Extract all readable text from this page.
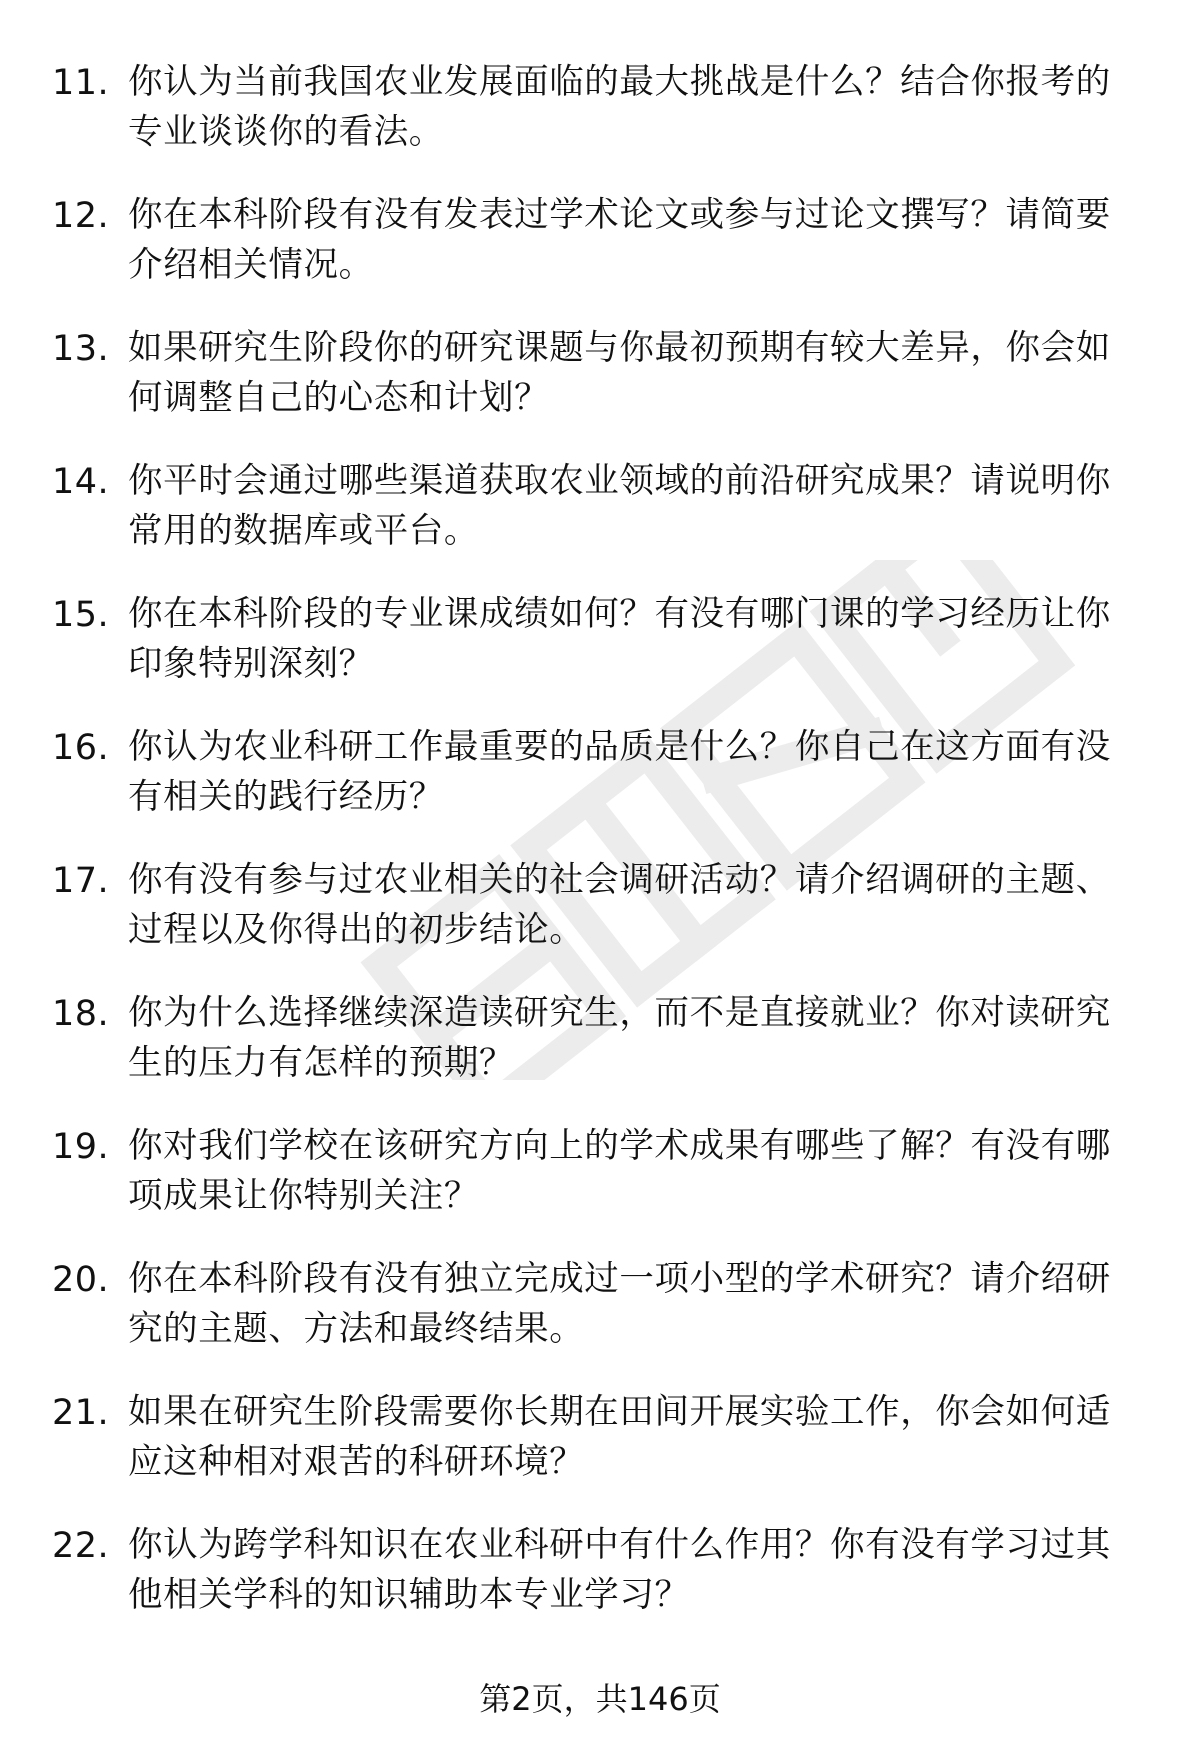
11. 你认为当前我国农业发展面临的最大挑战是什么？结合你报考的专业谈谈你的看法。
12. 你在本科阶段有没有发表过学术论文或参与过论文撰写？请简要介绍相关情况。
13. 如果研究生阶段你的研究课题与你最初预期有较大差异，你会如何调整自己的心态和计划？
14. 你平时会通过哪些渠道获取农业领域的前沿研究成果？请说明你常用的数据库或平台。
15. 你在本科阶段的专业课成绩如何？有没有哪门课的学习经历让你印象特别深刻？
16. 你认为农业科研工作最重要的品质是什么？你自己在这方面有没有相关的践行经历？
17. 你有没有参与过农业相关的社会调研活动？请介绍调研的主题、过程以及你得出的初步结论。
18. 你为什么选择继续深造读研究生，而不是直接就业？你对读研究生的压力有怎样的预期？
19. 你对我们学校在该研究方向上的学术成果有哪些了解？有没有哪项成果让你特别关注？
20. 你在本科阶段有没有独立完成过一项小型的学术研究？请介绍研究的主题、方法和最终结果。
21. 如果在研究生阶段需要你长期在田间开展实验工作，你会如何适应这种相对艰苦的科研环境？
22. 你认为跨学科知识在农业科研中有什么作用？你有没有学习过其他相关学科的知识辅助本专业学习？
第2页，共146页
